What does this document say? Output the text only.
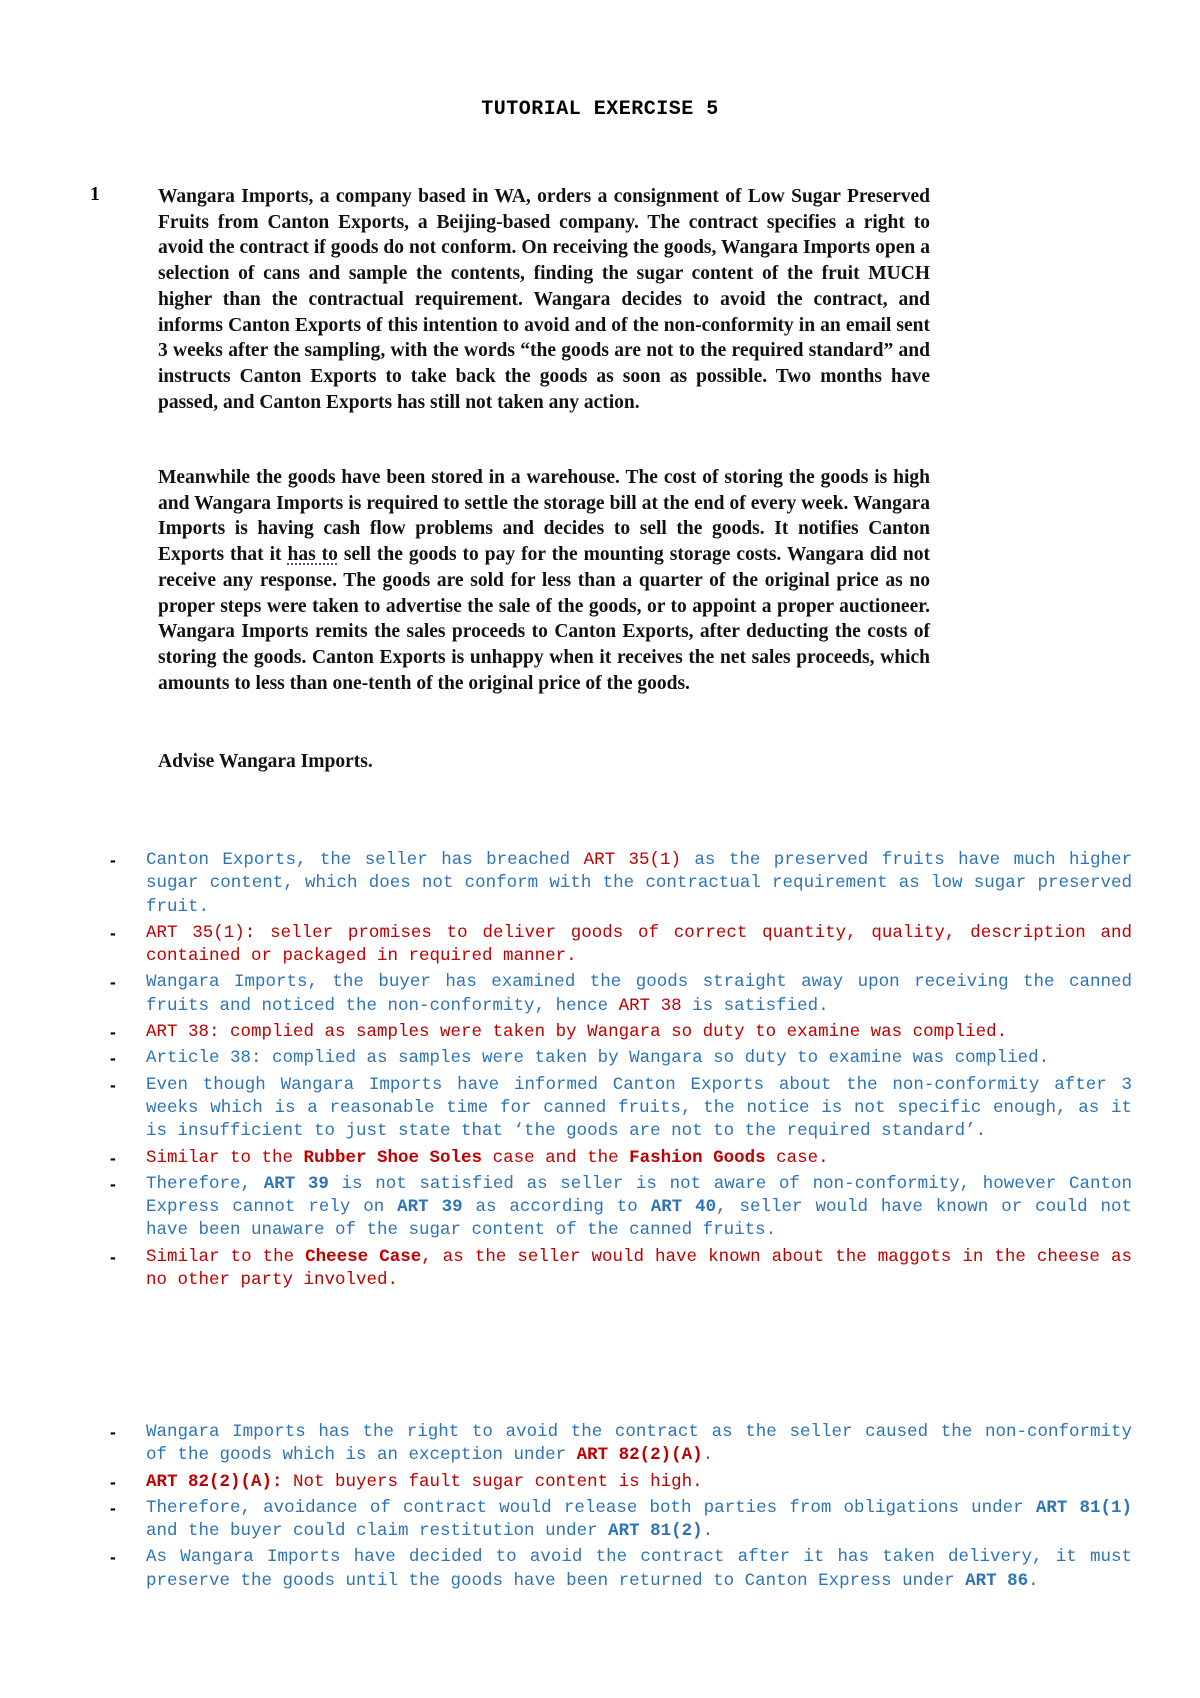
TUTORIAL EXERCISE 5
1	Wangara Imports, a company based in WA, orders a consignment of Low Sugar Preserved Fruits from Canton Exports, a Beijing-based company. The contract specifies a right to avoid the contract if goods do not conform. On receiving the goods, Wangara Imports open a selection of cans and sample the contents, finding the sugar content of the fruit MUCH higher than the contractual requirement. Wangara decides to avoid the contract, and informs Canton Exports of this intention to avoid and of the non-conformity in an email sent 3 weeks after the sampling, with the words “the goods are not to the required standard” and instructs Canton Exports to take back the goods as soon as possible. Two months have passed, and Canton Exports has still not taken any action.
Meanwhile the goods have been stored in a warehouse. The cost of storing the goods is high and Wangara Imports is required to settle the storage bill at the end of every week. Wangara Imports is having cash flow problems and decides to sell the goods. It notifies Canton Exports that it has to sell the goods to pay for the mounting storage costs. Wangara did not receive any response. The goods are sold for less than a quarter of the original price as no proper steps were taken to advertise the sale of the goods, or to appoint a proper auctioneer. Wangara Imports remits the sales proceeds to Canton Exports, after deducting the costs of storing the goods. Canton Exports is unhappy when it receives the net sales proceeds, which amounts to less than one-tenth of the original price of the goods.
Advise Wangara Imports.
- Canton Exports, the seller has breached ART 35(1) as the preserved fruits have much higher sugar content, which does not conform with the contractual requirement as low sugar preserved fruit.
- ART 35(1): seller promises to deliver goods of correct quantity, quality, description and contained or packaged in required manner.
- Wangara Imports, the buyer has examined the goods straight away upon receiving the canned fruits and noticed the non-conformity, hence ART 38 is satisfied.
- ART 38: complied as samples were taken by Wangara so duty to examine was complied.
- Article 38: complied as samples were taken by Wangara so duty to examine was complied.
- Even though Wangara Imports have informed Canton Exports about the non-conformity after 3 weeks which is a reasonable time for canned fruits, the notice is not specific enough, as it is insufficient to just state that ‘the goods are not to the required standard’.
- Similar to the Rubber Shoe Soles case and the Fashion Goods case.
- Therefore, ART 39 is not satisfied as seller is not aware of non-conformity, however Canton Express cannot rely on ART 39 as according to ART 40, seller would have known or could not have been unaware of the sugar content of the canned fruits.
- Similar to the Cheese Case, as the seller would have known about the maggots in the cheese as no other party involved.
- Wangara Imports has the right to avoid the contract as the seller caused the non-conformity of the goods which is an exception under ART 82(2)(A).
- ART 82(2)(A): Not buyers fault sugar content is high.
- Therefore, avoidance of contract would release both parties from obligations under ART 81(1) and the buyer could claim restitution under ART 81(2).
- As Wangara Imports have decided to avoid the contract after it has taken delivery, it must preserve the goods until the goods have been returned to Canton Express under ART 86.
